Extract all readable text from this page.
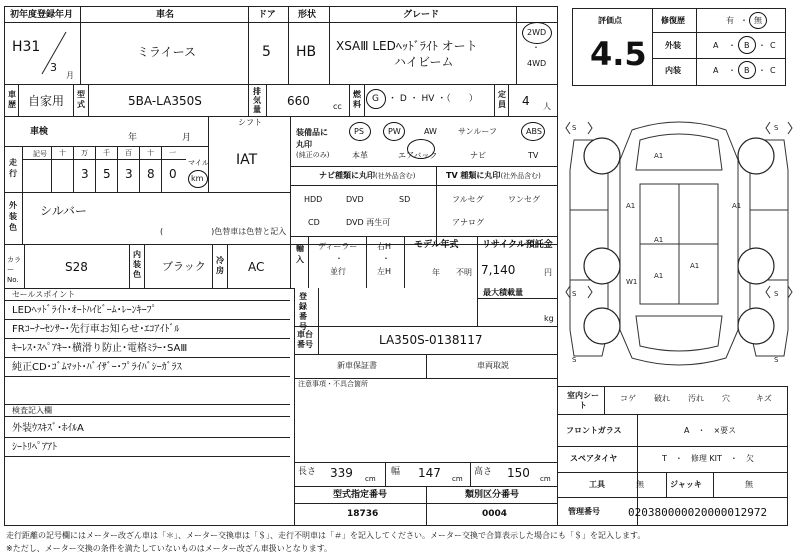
初年度登録年月
H31
3
月
車名
ミライース
ドア
5
形状
HB
グレード
XSAⅢ LEDﾍｯﾄﾞﾗｲﾄ オート
ハイビーム
2WD
・
4WD
車歴 自家用 型式	5BA-LA350S
排気量
660	cc
燃料
G ・ D ・ HV ・（　　）	定員 4 人
車検
年	月
シフト
IAT
走行
記号
マイル
km
外装色
シルバー
(　　　　　　)色替車は色替と記入
カラーNo.
S28
内装色
ブラック 冷房 AC
セールスポイント
検査記入欄
装備品に丸印
(純正のみ)
ナビ種類に丸印(社外品含む)	TV 種類に丸印(社外品含む)
輸入
ディーラー
・
並行
右H
・
左H
モデル年式
年 不明
リサイクル預託金
7,140	円
登録番号
最大積載量
kg
車台番号	LA350S-0138117
新車保証書	車両取説
注意事項・不具合箇所
長さ 339 cm
幅 147 cm
高さ 150 cm
型式指定番号
18736
類別区分番号
0004
評価点
4.5
修復歴	有 ・ 無
外装	A ・ B ・ C
内装	A ・ B ・ C
S	S
S	S
S	S
A1
A1
A1
A1	A1
A1
W1
室内シート
フロントガラス	A　・　×要ス
スペアタイヤ	T　・　修理 KIT　・　欠
工具	無	ジャッキ	無
管理番号	020380000020000012972
走行距離の記号欄にはメーター改ざん車は「＊」、メーター交換車は「＄」、走行不明車は「＃」を記入してください。メーター交換で合算表示した場合にも「＄」を記入します。
※ただし、メーター交換の条件を満たしていないものはメーター改ざん車扱いとなります。
十 万
3
千
5
百
3
十
8
一
0
LEDﾍｯﾄﾞﾗｲﾄ･ｵｰﾄﾊｲﾋﾞｰﾑ･ﾚｰﾝｷｰﾌﾟ
FRｺｰﾅｰｾﾝｻｰ･先行車お知らせ･ｴｺｱｲﾄﾞﾙ
ｷｰﾚｽ･ｽﾍﾟｱｷｰ･横滑り防止･電格ﾐﾗｰ･SAⅢ
純正CD･ｺﾞﾑﾏｯﾄ･ﾊﾞｲｻﾞｰ･ﾌﾟﾗｲﾊﾞｼｰｶﾞﾗｽ
外装ｳｽｷｽﾞ･ﾎｲﾙA
ｼｰﾄﾘﾍﾟｱｱﾄ
PS	PW	AW	サンルーフ	ABS
本革	エアバック	ナビ	TV
HDD	DVD	SD
CD	DVD 再生可
フルセグ	ワンセグ
アナログ
コゲ 破れ 汚れ 穴	キズ
